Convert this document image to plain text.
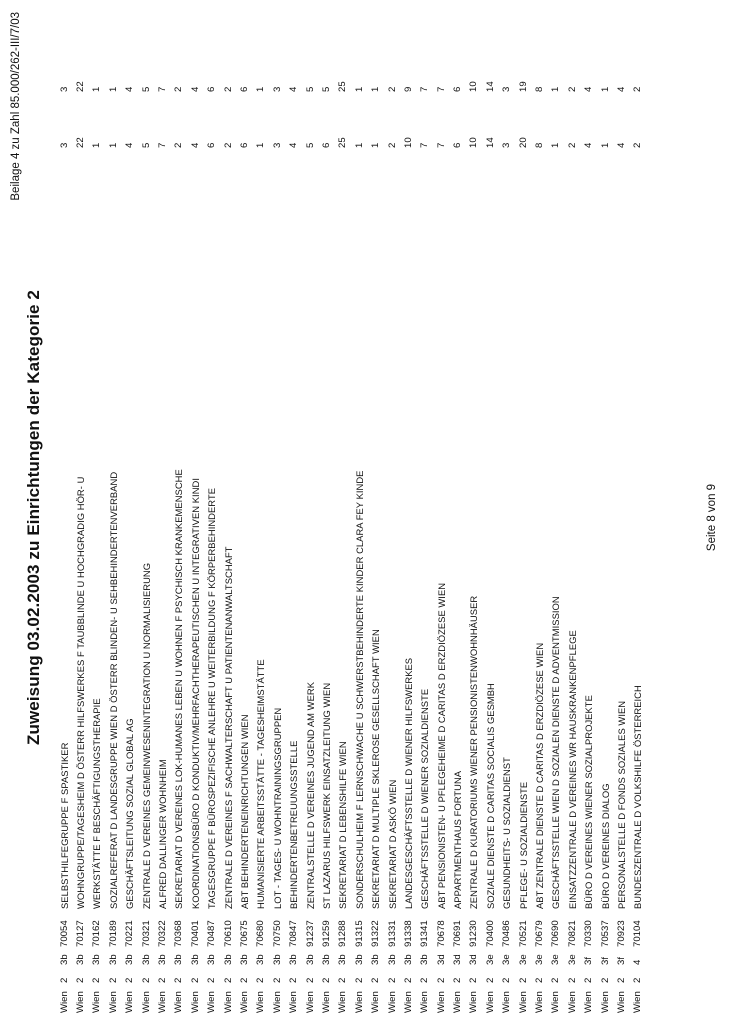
Beilage 4 zu Zahl 85.000/262-III/7/03
Zuweisung 03.02.2003 zu Einrichtungen der Kategorie 2
Wien	2	3b	70054	SELBSTHILFEGRUPPE F SPASTIKER	3	3
Wien	2	3b	70127	WOHNGRUPPE/TAGESHEIM D ÖSTERR HILFSWERKES F TAUBBLINDE U HOCHGRADIG HÖR- U	22	22
Wien	2	3b	70162	WERKSTÄTTE F BESCHÄFTIGUNGSTHERAPIE	1	1
Wien	2	3b	70189	SOZIALREFERAT D LANDESGRUPPE WIEN D ÖSTERR BLINDEN- U SEHBEHINDERTENVERBAND	1	1
Wien	2	3b	70221	GESCHÄFTSLEITUNG SOZIAL GLOBAL AG	4	4
Wien	2	3b	70321	ZENTRALE D VEREINES GEMEINWESENINTEGRATION U NORMALISIERUNG	5	5
Wien	2	3b	70322	ALFRED DALLINGER WOHNHEIM	7	7
Wien	2	3b	70368	SEKRETARIAT D VEREINES LOK-HUMANES LEBEN U WOHNEN F PSYCHISCH KRANKEMENSCHE	2	2
Wien	2	3b	70401	KOORDINATIONSBÜRO D KONDUKTIV/MEHRFACHTHERAPEUTISCHEN U INTEGRATIVEN KINDI	4	4
Wien	2	3b	70487	TAGESGRUPPE F BÜROSPEZIFISCHE ANLEHRE U WEITERBILDUNG F KÖRPERBEHINDERTE	6	6
Wien	2	3b	70610	ZENTRALE D VEREINES F SACHWALTERSCHAFT U PATIENTENANWALTSCHAFT	2	2
Wien	2	3b	70675	ABT BEHINDERTENEINRICHTUNGEN WIEN	6	6
Wien	2	3b	70680	HUMANISIERTE ARBEITSSTÄTTE - TAGESHEIMSTÄTTE	1	1
Wien	2	3b	70750	LOT - TAGES- U WOHNTRAININGSGRUPPEN	3	3
Wien	2	3b	70847	BEHINDERTENBETREUUNGSSTELLE	4	4
Wien	2	3b	91237	ZENTRALSTELLE D VEREINES JUGEND AM WERK	5	5
Wien	2	3b	91259	ST LAZARUS HILFSWERK EINSATZLEITUNG WIEN	6	5
Wien	2	3b	91288	SEKRETARIAT D LEBENSHILFE WIEN	25	25
Wien	2	3b	91315	SONDERSCHULHEIM F LERNSCHWACHE U SCHWERSTBEHINDERTE KINDER CLARA FEY KINDE	1	1
Wien	2	3b	91322	SEKRETARIAT D MULTIPLE SKLEROSE GESELLSCHAFT WIEN	1	1
Wien	2	3b	91331	SEKRETARIAT D ASKÖ WIEN	2	2
Wien	2	3b	91338	LANDESGESCHÄFTSSTELLE D WIENER HILFSWERKES	10	9
Wien	2	3b	91341	GESCHÄFTSSTELLE D WIENER SOZIALDIENSTE	7	7
Wien	2	3d	70678	ABT PENSIONISTEN- U PFLEGEHEIME D CARITAS D ERZDIÖZESE WIEN	7	7
Wien	2	3d	70691	APPARTMENTHAUS FORTUNA	6	6
Wien	2	3d	91230	ZENTRALE D KURATORIUMS WIENER PENSIONISTENWOHNHÄUSER	10	10
Wien	2	3e	70400	SOZIALE DIENSTE D CARITAS SOCIALIS GESMBH	14	14
Wien	2	3e	70486	GESUNDHEITS- U SOZIALDIENST	3	3
Wien	2	3e	70521	PFLEGE- U SOZIALDIENSTE	20	19
Wien	2	3e	70679	ABT ZENTRALE DIENSTE D CARITAS D ERZDIÖZESE WIEN	8	8
Wien	2	3e	70690	GESCHÄFTSSTELLE WIEN D SOZIALEN DIENSTE D ADVENTMISSION	1	1
Wien	2	3e	70821	EINSATZZENTRALE D VEREINES WR HAUSKRANKENPFLEGE	2	2
Wien	2	3f	70330	BÜRO D VEREINES WIENER SOZIALPROJEKTE	4	4
Wien	2	3f	70537	BÜRO D VEREINES DIALOG	1	1
Wien	2	3f	70923	PERSONALSTELLE D FONDS SOZIALES WIEN	4	4
Wien	2	4	70104	BUNDESZENTRALE D VOLKSHILFE ÖSTERREICH	2	2
Seite 8 von 9
